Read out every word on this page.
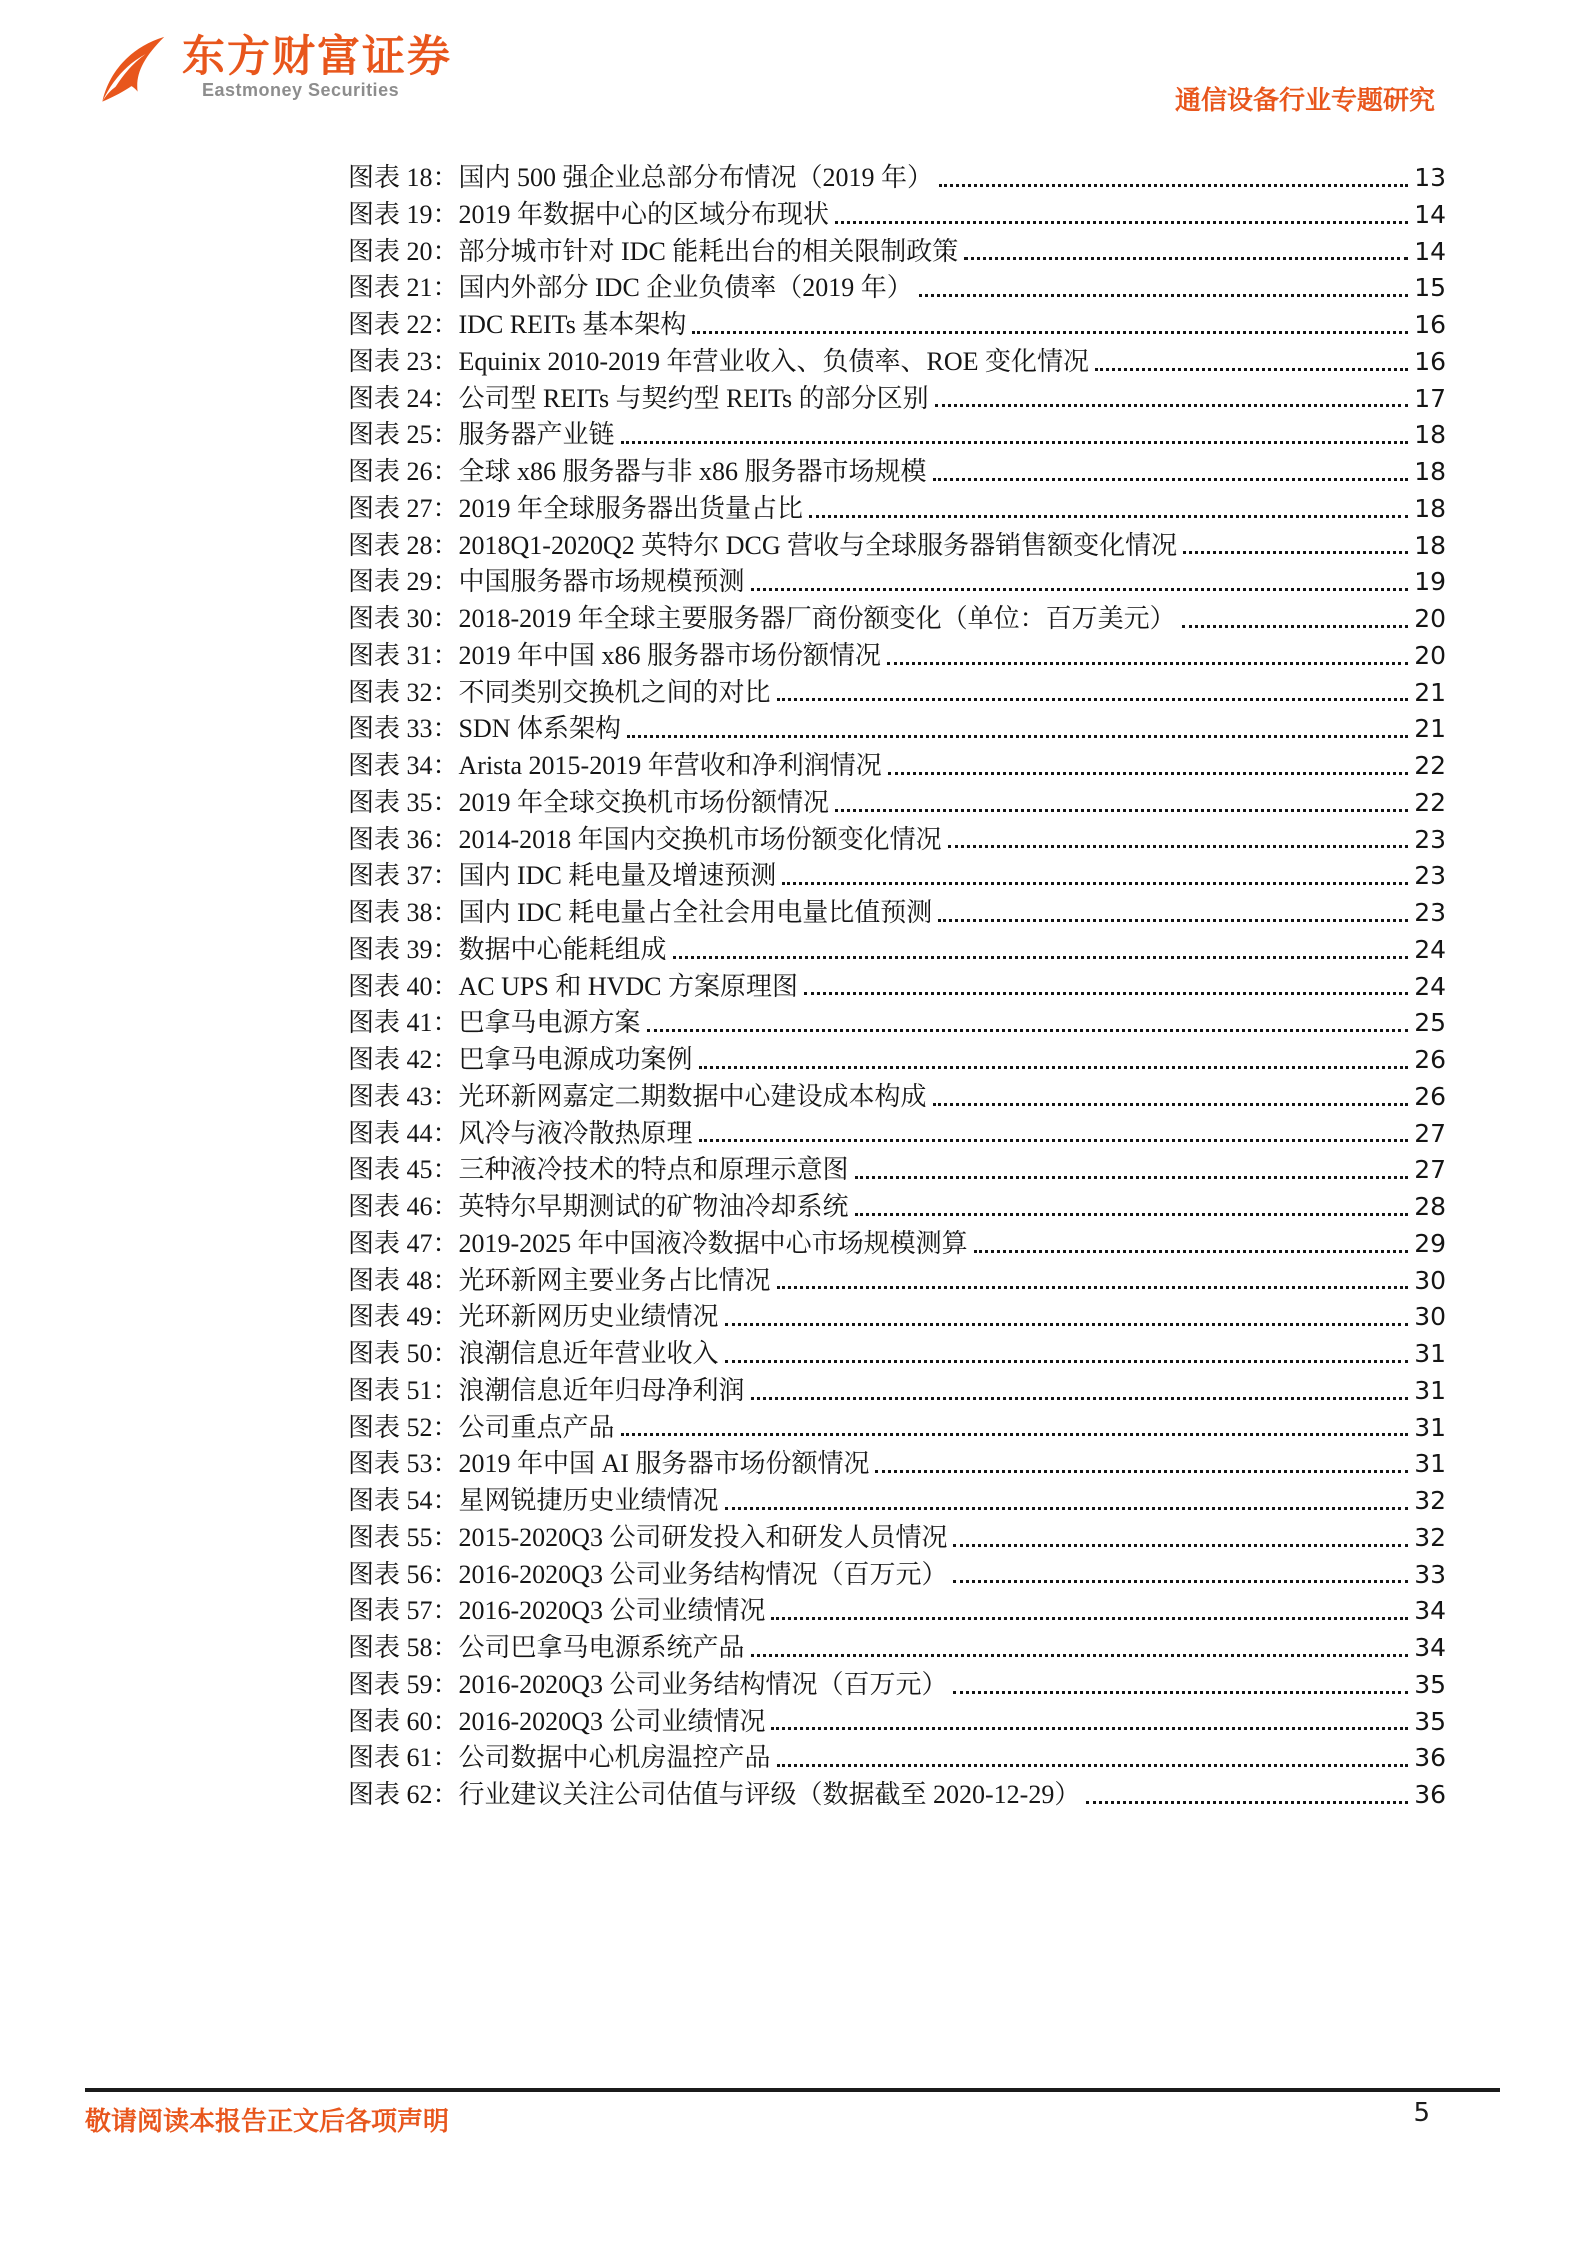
东方财富证券
Eastmoney Securities	通信设备行业专题研究
图表 18： 国内 500 强企业总部分布情况（2019 年）	13
图表 19： 2019 年数据中心的区域分布现状	14
图表 20： 部分城市针对 IDC 能耗出台的相关限制政策	14
图表 21： 国内外部分 IDC 企业负债率（2019 年）	15
图表 22： IDC REITs 基本架构	16
图表 23： Equinix 2010-2019 年营业收入、负债率、ROE 变化情况	16
图表 24： 公司型 REITs 与契约型 REITs 的部分区别	17
图表 25： 服务器产业链	18
图表 26： 全球 x86 服务器与非 x86 服务器市场规模	18
图表 27： 2019 年全球服务器出货量占比	18
图表 28： 2018Q1-2020Q2 英特尔 DCG 营收与全球服务器销售额变化情况	18
图表 29： 中国服务器市场规模预测	19
图表 30： 2018-2019 年全球主要服务器厂商份额变化（单位：百万美元）	20
图表 31： 2019 年中国 x86 服务器市场份额情况	20
图表 32： 不同类别交换机之间的对比	21
图表 33： SDN 体系架构	21
图表 34： Arista 2015-2019 年营收和净利润情况	22
图表 35： 2019 年全球交换机市场份额情况	22
图表 36： 2014-2018 年国内交换机市场份额变化情况	23
图表 37： 国内 IDC 耗电量及增速预测	23
图表 38： 国内 IDC 耗电量占全社会用电量比值预测	23
图表 39： 数据中心能耗组成	24
图表 40： AC UPS 和 HVDC 方案原理图	24
图表 41： 巴拿马电源方案	25
图表 42： 巴拿马电源成功案例	26
图表 43： 光环新网嘉定二期数据中心建设成本构成	26
图表 44： 风冷与液冷散热原理	27
图表 45： 三种液冷技术的特点和原理示意图	27
图表 46： 英特尔早期测试的矿物油冷却系统	28
图表 47： 2019-2025 年中国液冷数据中心市场规模测算	29
图表 48： 光环新网主要业务占比情况	30
图表 49： 光环新网历史业绩情况	30
图表 50： 浪潮信息近年营业收入	31
图表 51： 浪潮信息近年归母净利润	31
图表 52： 公司重点产品	31
图表 53： 2019 年中国 AI 服务器市场份额情况	31
图表 54： 星网锐捷历史业绩情况	32
图表 55： 2015-2020Q3 公司研发投入和研发人员情况	32
图表 56： 2016-2020Q3 公司业务结构情况（百万元）	33
图表 57： 2016-2020Q3 公司业绩情况	34
图表 58： 公司巴拿马电源系统产品	34
图表 59： 2016-2020Q3 公司业务结构情况（百万元）	35
图表 60： 2016-2020Q3 公司业绩情况	35
图表 61： 公司数据中心机房温控产品	36
图表 62： 行业建议关注公司估值与评级（数据截至 2020-12-29）	36
敬请阅读本报告正文后各项声明	5
